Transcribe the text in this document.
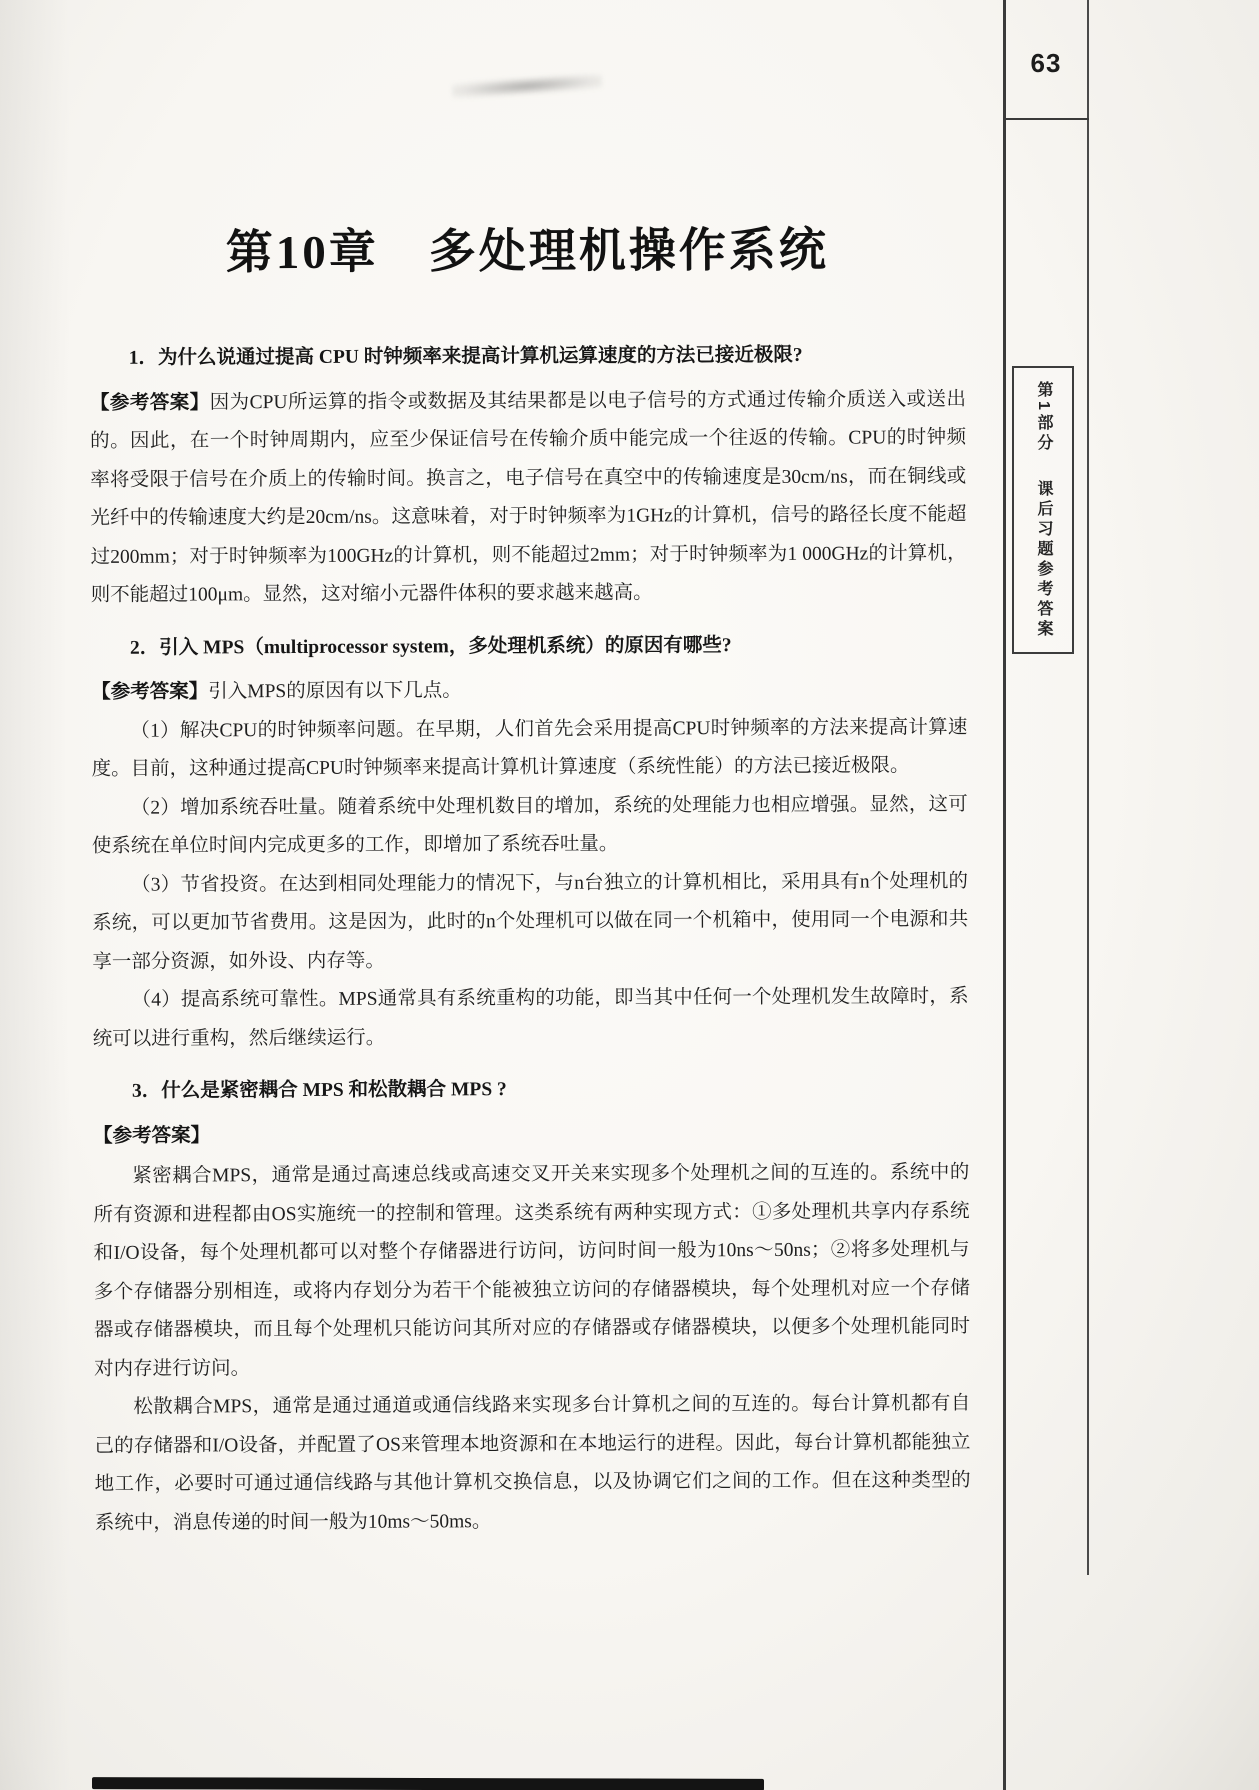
63
第1部分课后习题参考答案
第10章　多处理机操作系统

1．为什么说通过提高 CPU 时钟频率来提高计算机运算速度的方法已接近极限?

【参考答案】因为CPU所运算的指令或数据及其结果都是以电子信号的方式通过传输介质送入或送出的。因此，在一个时钟周期内，应至少保证信号在传输介质中能完成一个往返的传输。CPU的时钟频率将受限于信号在介质上的传输时间。换言之，电子信号在真空中的传输速度是30cm/ns，而在铜线或光纤中的传输速度大约是20cm/ns。这意味着，对于时钟频率为1GHz的计算机，信号的路径长度不能超过200mm；对于时钟频率为100GHz的计算机，则不能超过2mm；对于时钟频率为1 000GHz的计算机，则不能超过100μm。显然，这对缩小元器件体积的要求越来越高。

2．引入 MPS（multiprocessor system，多处理机系统）的原因有哪些?

【参考答案】引入MPS的原因有以下几点。

（1）解决CPU的时钟频率问题。在早期，人们首先会采用提高CPU时钟频率的方法来提高计算速度。目前，这种通过提高CPU时钟频率来提高计算机计算速度（系统性能）的方法已接近极限。

（2）增加系统吞吐量。随着系统中处理机数目的增加，系统的处理能力也相应增强。显然，这可使系统在单位时间内完成更多的工作，即增加了系统吞吐量。

（3）节省投资。在达到相同处理能力的情况下，与n台独立的计算机相比，采用具有n个处理机的系统，可以更加节省费用。这是因为，此时的n个处理机可以做在同一个机箱中，使用同一个电源和共享一部分资源，如外设、内存等。

（4）提高系统可靠性。MPS通常具有系统重构的功能，即当其中任何一个处理机发生故障时，系统可以进行重构，然后继续运行。

3．什么是紧密耦合 MPS 和松散耦合 MPS ?

【参考答案】

紧密耦合MPS，通常是通过高速总线或高速交叉开关来实现多个处理机之间的互连的。系统中的所有资源和进程都由OS实施统一的控制和管理。这类系统有两种实现方式：①多处理机共享内存系统和I/O设备，每个处理机都可以对整个存储器进行访问，访问时间一般为10ns～50ns；②将多处理机与多个存储器分别相连，或将内存划分为若干个能被独立访问的存储器模块，每个处理机对应一个存储器或存储器模块，而且每个处理机只能访问其所对应的存储器或存储器模块，以便多个处理机能同时对内存进行访问。

松散耦合MPS，通常是通过通道或通信线路来实现多台计算机之间的互连的。每台计算机都有自己的存储器和I/O设备，并配置了OS来管理本地资源和在本地运行的进程。因此，每台计算机都能独立地工作，必要时可通过通信线路与其他计算机交换信息，以及协调它们之间的工作。但在这种类型的系统中，消息传递的时间一般为10ms～50ms。
